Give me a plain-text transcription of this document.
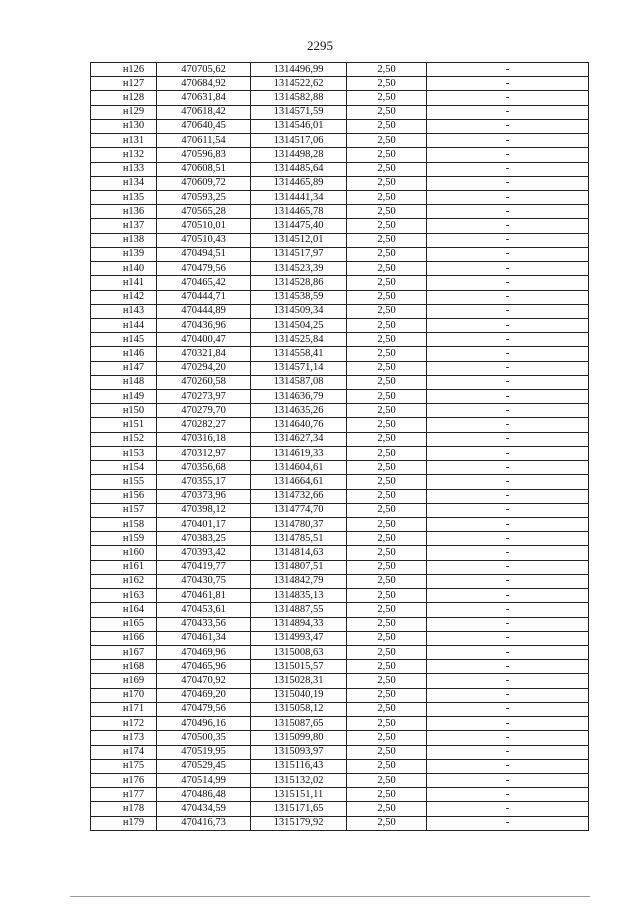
2295
н126	470705,62	1314496,99	2,50	-
н127	470684,92	1314522,62	2,50	-
н128	470631,84	1314582,88	2,50	-
н129	470618,42	1314571,59	2,50	-
н130	470640,45	1314546,01	2,50	-
н131	470611,54	1314517,06	2,50	-
н132	470596,83	1314498,28	2,50	-
н133	470608,51	1314485,64	2,50	-
н134	470609,72	1314465,89	2,50	-
н135	470593,25	1314441,34	2,50	-
н136	470565,28	1314465,78	2,50	-
н137	470510,01	1314475,40	2,50	-
н138	470510,43	1314512,01	2,50	-
н139	470494,51	1314517,97	2,50	-
н140	470479,56	1314523,39	2,50	-
н141	470465,42	1314528,86	2,50	-
н142	470444,71	1314538,59	2,50	-
н143	470444,89	1314509,34	2,50	-
н144	470436,96	1314504,25	2,50	-
н145	470400,47	1314525,84	2,50	-
н146	470321,84	1314558,41	2,50	-
н147	470294,20	1314571,14	2,50	-
н148	470260,58	1314587,08	2,50	-
н149	470273,97	1314636,79	2,50	-
н150	470279,70	1314635,26	2,50	-
н151	470282,27	1314640,76	2,50	-
н152	470316,18	1314627,34	2,50	-
н153	470312,97	1314619,33	2,50	-
н154	470356,68	1314604,61	2,50	-
н155	470355,17	1314664,61	2,50	-
н156	470373,96	1314732,66	2,50	-
н157	470398,12	1314774,70	2,50	-
н158	470401,17	1314780,37	2,50	-
н159	470383,25	1314785,51	2,50	-
н160	470393,42	1314814,63	2,50	-
н161	470419,77	1314807,51	2,50	-
н162	470430,75	1314842,79	2,50	-
н163	470461,81	1314835,13	2,50	-
н164	470453,61	1314887,55	2,50	-
н165	470433,56	1314894,33	2,50	-
н166	470461,34	1314993,47	2,50	-
н167	470469,96	1315008,63	2,50	-
н168	470465,96	1315015,57	2,50	-
н169	470470,92	1315028,31	2,50	-
н170	470469,20	1315040,19	2,50	-
н171	470479,56	1315058,12	2,50	-
н172	470496,16	1315087,65	2,50	-
н173	470500,35	1315099,80	2,50	-
н174	470519,95	1315093,97	2,50	-
н175	470529,45	1315116,43	2,50	-
н176	470514,99	1315132,02	2,50	-
н177	470486,48	1315151,11	2,50	-
н178	470434,59	1315171,65	2,50	-
н179	470416,73	1315179,92	2,50	-
